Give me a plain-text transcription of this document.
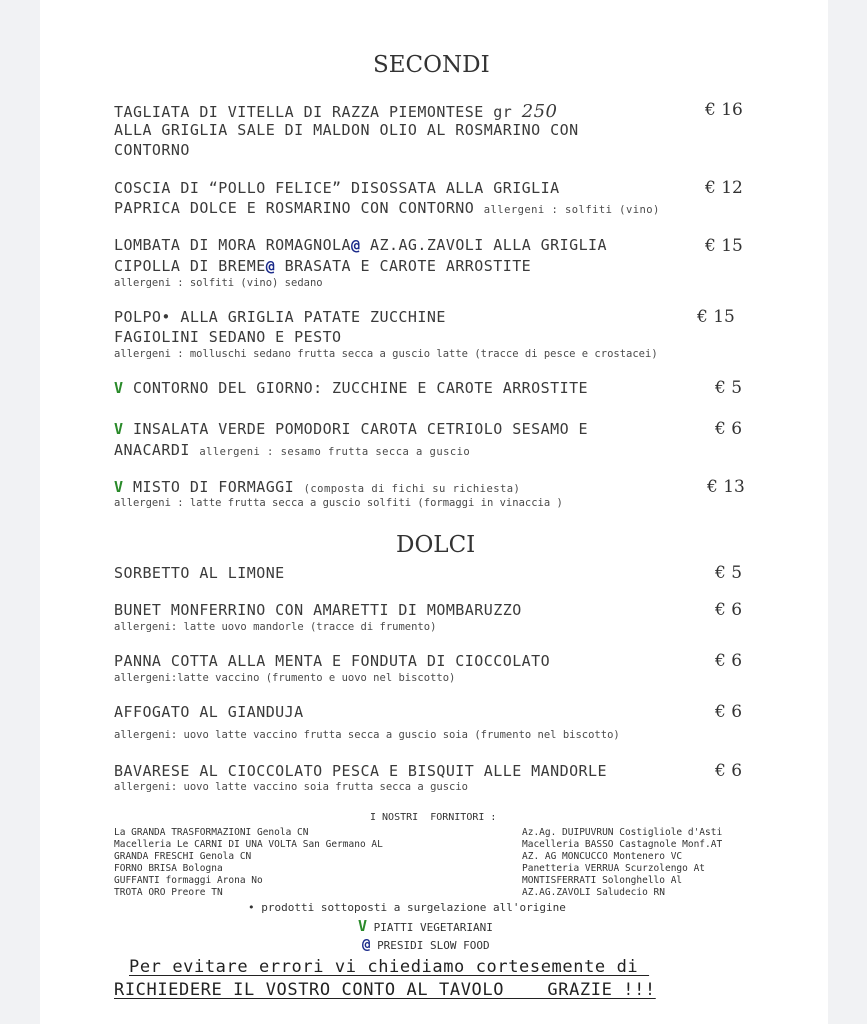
SECONDI
TAGLIATA DI VITELLA DI RAZZA PIEMONTESE gr 250	€ 16
ALLA GRIGLIA SALE DI MALDON OLIO AL ROSMARINO CON
CONTORNO
COSCIA DI “POLLO FELICE” DISOSSATA ALLA GRIGLIA	€ 12
PAPRICA DOLCE E ROSMARINO CON CONTORNO allergeni : solfiti (vino)
LOMBATA DI MORA ROMAGNOLA@ AZ.AG.ZAVOLI ALLA GRIGLIA	€ 15
CIPOLLA DI BREME@ BRASATA E CAROTE ARROSTITE
allergeni : solfiti (vino) sedano
POLPO• ALLA GRIGLIA PATATE ZUCCHINE	€ 15
FAGIOLINI SEDANO E PESTO
allergeni : molluschi sedano frutta secca a guscio latte (tracce di pesce e crostacei)
V CONTORNO DEL GIORNO: ZUCCHINE E CAROTE ARROSTITE	€ 5
V INSALATA VERDE POMODORI CAROTA CETRIOLO SESAMO E	€ 6
ANACARDI allergeni : sesamo frutta secca a guscio
V MISTO DI FORMAGGI (composta di fichi su richiesta)	€ 13
allergeni : latte frutta secca a guscio solfiti (formaggi in vinaccia )
DOLCI
SORBETTO AL LIMONE	€ 5
BUNET MONFERRINO CON AMARETTI DI MOMBARUZZO	€ 6
allergeni: latte uovo mandorle (tracce di frumento)
PANNA COTTA ALLA MENTA E FONDUTA DI CIOCCOLATO	€ 6
allergeni:latte vaccino (frumento e uovo nel biscotto)
AFFOGATO AL GIANDUJA	€ 6
allergeni: uovo latte vaccino frutta secca a guscio soia (frumento nel biscotto)
BAVARESE AL CIOCCOLATO PESCA E BISQUIT ALLE MANDORLE	€ 6
allergeni: uovo latte vaccino soia frutta secca a guscio
I NOSTRI  FORNITORI :
La GRANDA TRASFORMAZIONI Genola CN
Macelleria Le CARNI DI UNA VOLTA San Germano AL
GRANDA FRESCHI Genola CN
FORNO BRISA Bologna
GUFFANTI formaggi Arona No
TROTA ORO Preore TN
Az.Ag. DUIPUVRUN Costigliole d'Asti
Macelleria BASSO Castagnole Monf.AT
AZ. AG MONCUCCO Montenero VC
Panetteria VERRUA Scurzolengo At
MONTISFERRATI Solonghello Al
AZ.AG.ZAVOLI Saludecio RN
• prodotti sottoposti a surgelazione all'origine
V PIATTI VEGETARIANI
@ PRESIDI SLOW FOOD
Per evitare errori vi chiediamo cortesemente di
RICHIEDERE IL VOSTRO CONTO AL TAVOLO    GRAZIE !!!
